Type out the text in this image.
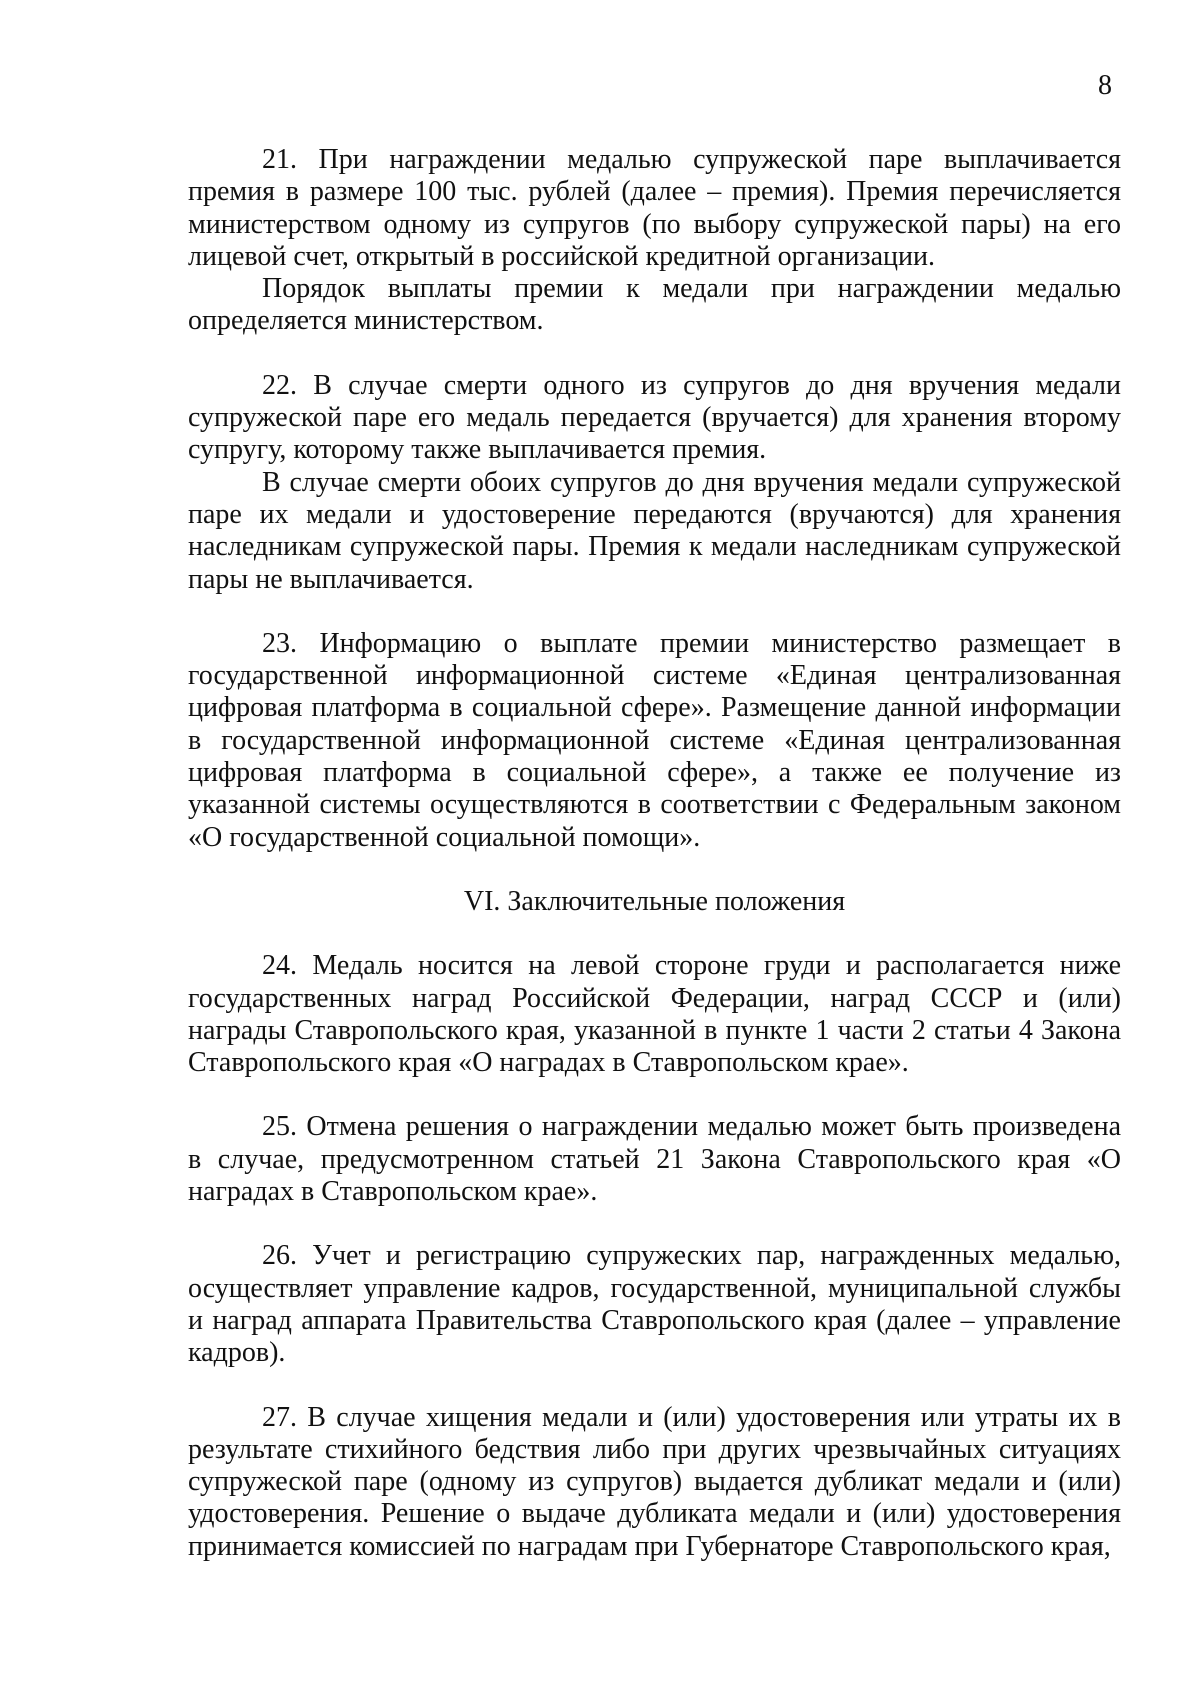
8

21. При награждении медалью супружеской паре выплачивается премия в размере 100 тыс. рублей (далее – премия). Премия перечисляется министерством одному из супругов (по выбору супружеской пары) на его лицевой счет, открытый в российской кредитной организации.

Порядок выплаты премии к медали при награждении медалью определяется министерством.

22. В случае смерти одного из супругов до дня вручения медали супружеской паре его медаль передается (вручается) для хранения второму супругу, которому также выплачивается премия.

В случае смерти обоих супругов до дня вручения медали супружеской паре их медали и удостоверение передаются (вручаются) для хранения наследникам супружеской пары. Премия к медали наследникам супружеской пары не выплачивается.

23. Информацию о выплате премии министерство размещает в государственной информационной системе «Единая централизованная цифровая платформа в социальной сфере». Размещение данной информации в государственной информационной системе «Единая централизованная цифровая платформа в социальной сфере», а также ее получение из указанной системы осуществляются в соответствии с Федеральным законом «О государственной социальной помощи».

VI. Заключительные положения

24. Медаль носится на левой стороне груди и располагается ниже государственных наград Российской Федерации, наград СССР и (или) награды Ставропольского края, указанной в пункте 1 части 2 статьи 4 Закона Ставропольского края «О наградах в Ставропольском крае».

25. Отмена решения о награждении медалью может быть произведена в случае, предусмотренном статьей 21 Закона Ставропольского края «О наградах в Ставропольском крае».

26. Учет и регистрацию супружеских пар, награжденных медалью, осуществляет управление кадров, государственной, муниципальной службы и наград аппарата Правительства Ставропольского края (далее – управление кадров).

27. В случае хищения медали и (или) удостоверения или утраты их в результате стихийного бедствия либо при других чрезвычайных ситуациях супружеской паре (одному из супругов) выдается дубликат медали и (или) удостоверения. Решение о выдаче дубликата медали и (или) удостоверения принимается комиссией по наградам при Губернаторе Ставропольского края,
